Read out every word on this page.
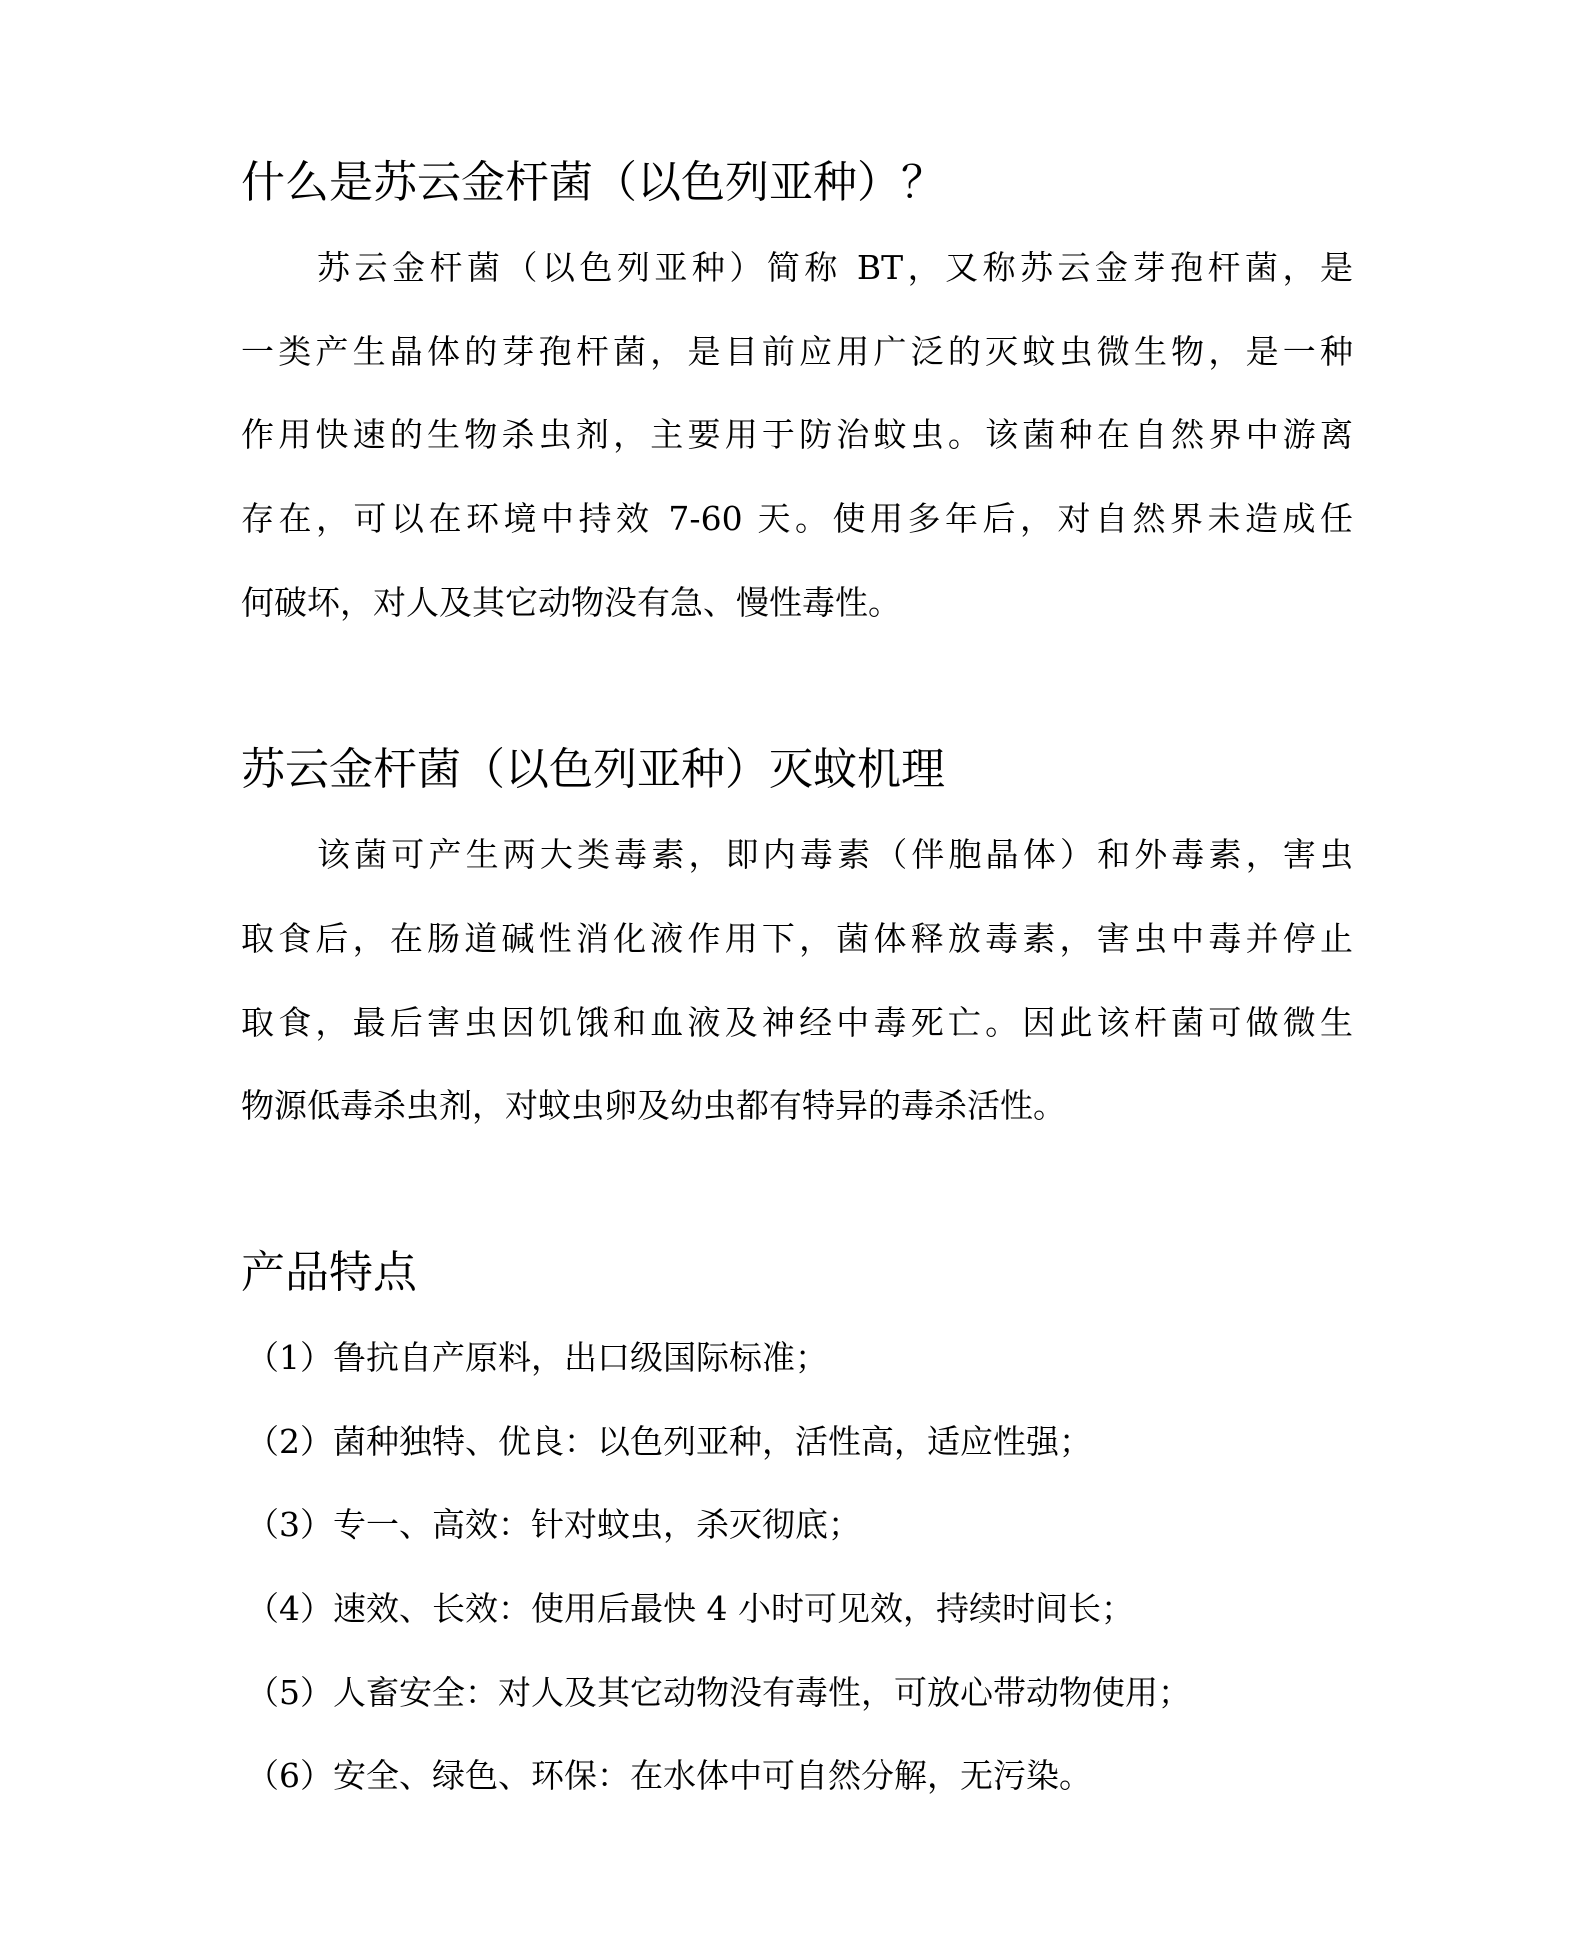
什么是苏云金杆菌（以色列亚种）？

苏云金杆菌（以色列亚种）简称 BT，又称苏云金芽孢杆菌，是

一类产生晶体的芽孢杆菌，是目前应用广泛的灭蚊虫微生物，是一种

作用快速的生物杀虫剂，主要用于防治蚊虫。该菌种在自然界中游离

存在，可以在环境中持效 7-60 天。使用多年后，对自然界未造成任

何破坏，对人及其它动物没有急、慢性毒性。

苏云金杆菌（以色列亚种）灭蚊机理

该菌可产生两大类毒素，即内毒素（伴胞晶体）和外毒素，害虫

取食后，在肠道碱性消化液作用下，菌体释放毒素，害虫中毒并停止

取食，最后害虫因饥饿和血液及神经中毒死亡。因此该杆菌可做微生

物源低毒杀虫剂，对蚊虫卵及幼虫都有特异的毒杀活性。

产品特点

（1）鲁抗自产原料，出口级国际标准；

（2）菌种独特、优良：以色列亚种，活性高，适应性强；

（3）专一、高效：针对蚊虫，杀灭彻底；

（4）速效、长效：使用后最快 4 小时可见效，持续时间长；

（5）人畜安全：对人及其它动物没有毒性，可放心带动物使用；

（6）安全、绿色、环保：在水体中可自然分解，无污染。
